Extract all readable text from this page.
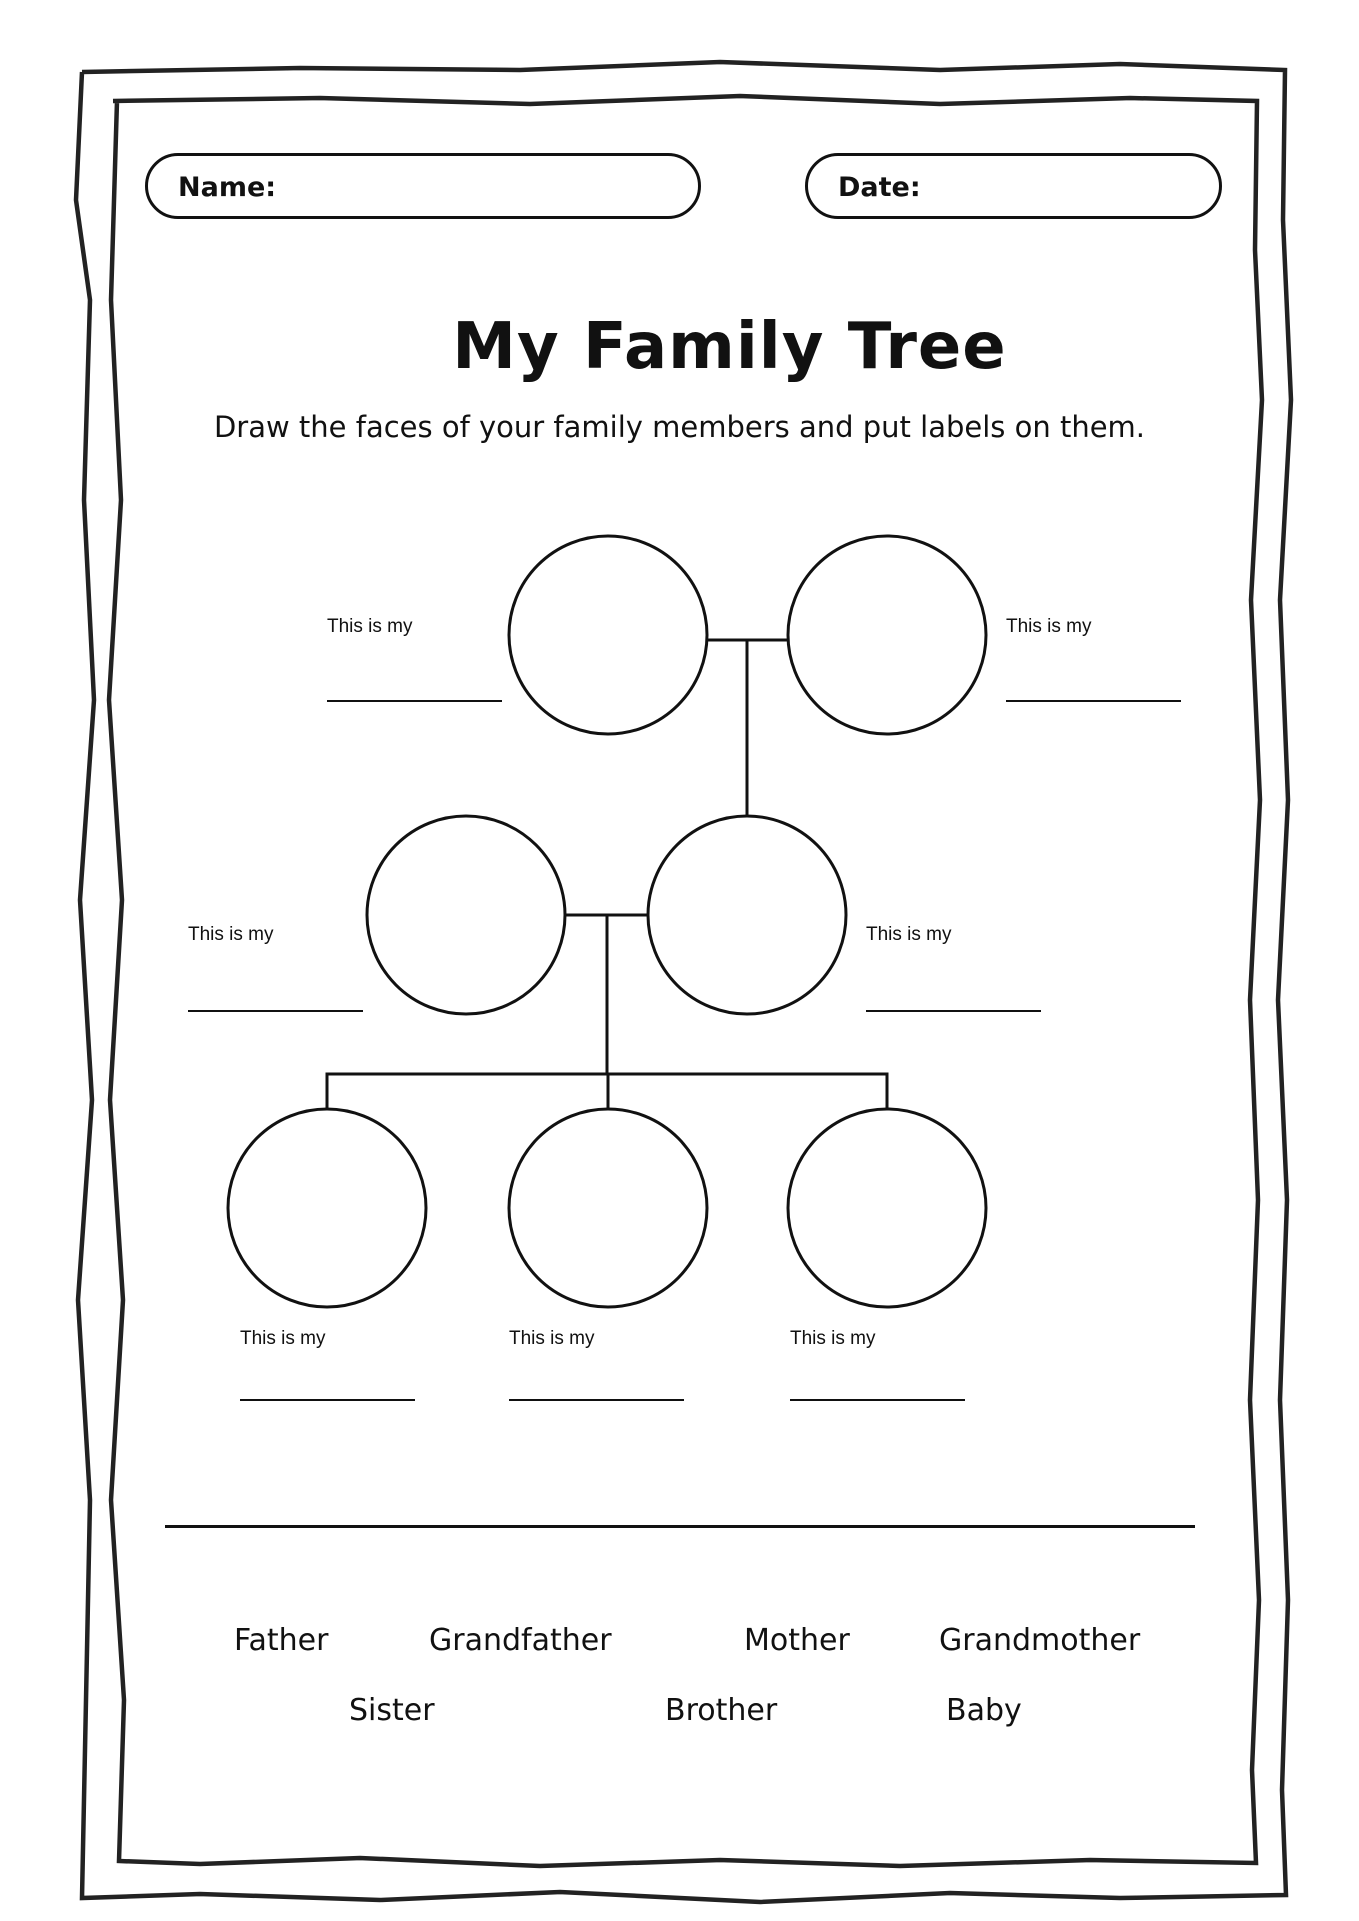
Name:	Date:
My Family Tree
Draw the faces of your family members and put labels on them.
This is my	This is my
This is my	This is my
This is my	This is my	This is my
Father	Grandfather	Mother	Grandmother
Sister	Brother	Baby
